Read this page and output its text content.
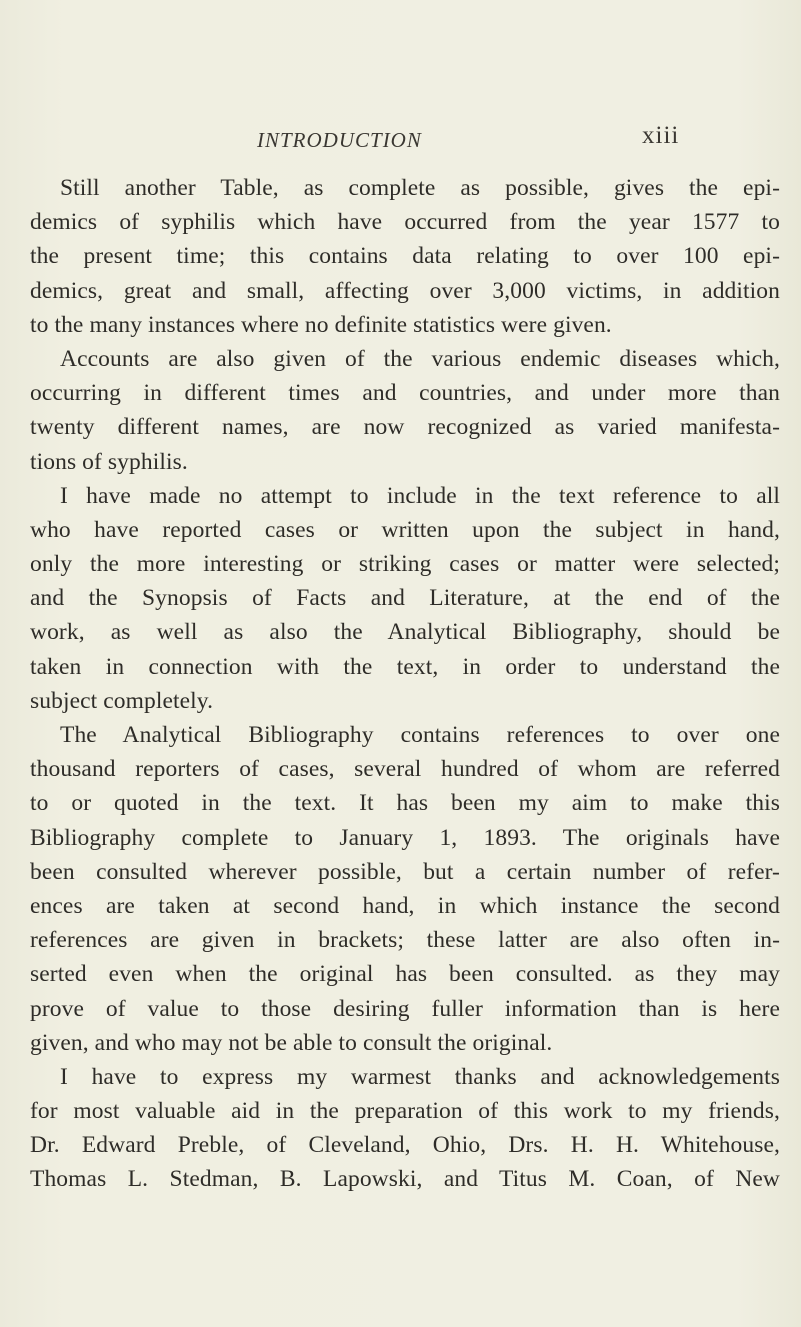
INTRODUCTION	xiii
Still another Table, as complete as possible, gives the epi-
demics of syphilis which have occurred from the year 1577 to
the present time; this contains data relating to over 100 epi-
demics, great and small, affecting over 3,000 victims, in addition
to the many instances where no definite statistics were given.
Accounts are also given of the various endemic diseases which,
occurring in different times and countries, and under more than
twenty different names, are now recognized as varied manifesta-
tions of syphilis.
I have made no attempt to include in the text reference to all
who have reported cases or written upon the subject in hand,
only the more interesting or striking cases or matter were selected;
and the Synopsis of Facts and Literature, at the end of the
work, as well as also the Analytical Bibliography, should be
taken in connection with the text, in order to understand the
subject completely.
The Analytical Bibliography contains references to over one
thousand reporters of cases, several hundred of whom are referred
to or quoted in the text. It has been my aim to make this
Bibliography complete to January 1, 1893. The originals have
been consulted wherever possible, but a certain number of refer-
ences are taken at second hand, in which instance the second
references are given in brackets; these latter are also often in-
serted even when the original has been consulted. as they may
prove of value to those desiring fuller information than is here
given, and who may not be able to consult the original.
I have to express my warmest thanks and acknowledgements
for most valuable aid in the preparation of this work to my friends,
Dr. Edward Preble, of Cleveland, Ohio, Drs. H. H. Whitehouse,
Thomas L. Stedman, B. Lapowski, and Titus M. Coan, of New
